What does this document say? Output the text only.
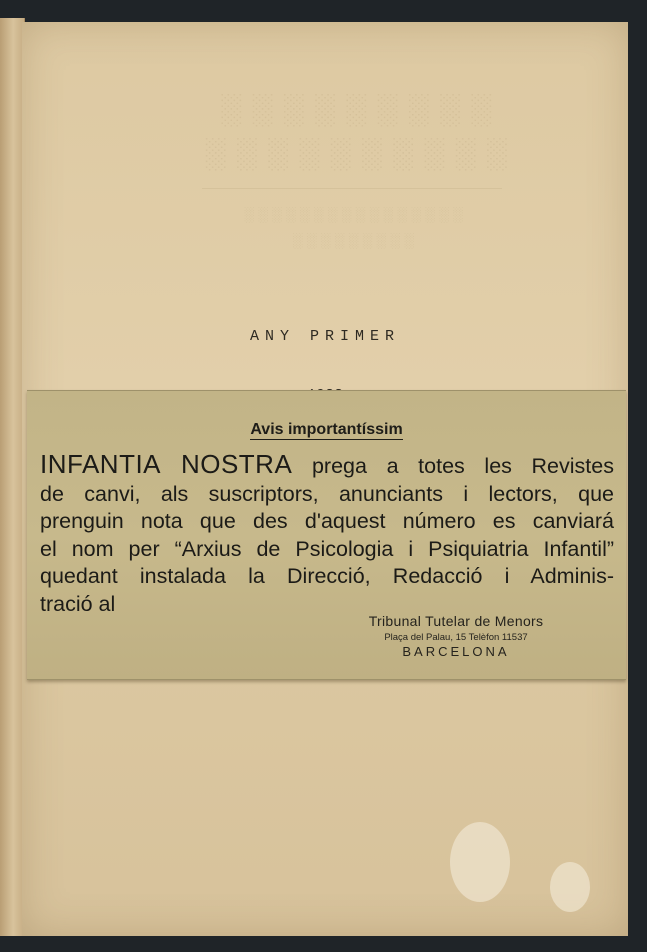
░░░░░░░░░
░░░░░░░░░░
░░░░░░░░░░░░░░░░
░░░░░░░░░
ANY PRIMER
Avis importantíssim
INFANTIA NOSTRA prega a totes les Revistes
de canvi, als suscriptors, anunciants i lectors, que
prenguin nota que des d'aquest número es canviará
el nom per “Arxius de Psicologia i Psiquiatria Infantil”
quedant instalada la Direcció, Redacció i Adminis-
tració al
Tribunal Tutelar de Menors
Plaça del Palau, 15 Telèfon 11537
BARCELONA
